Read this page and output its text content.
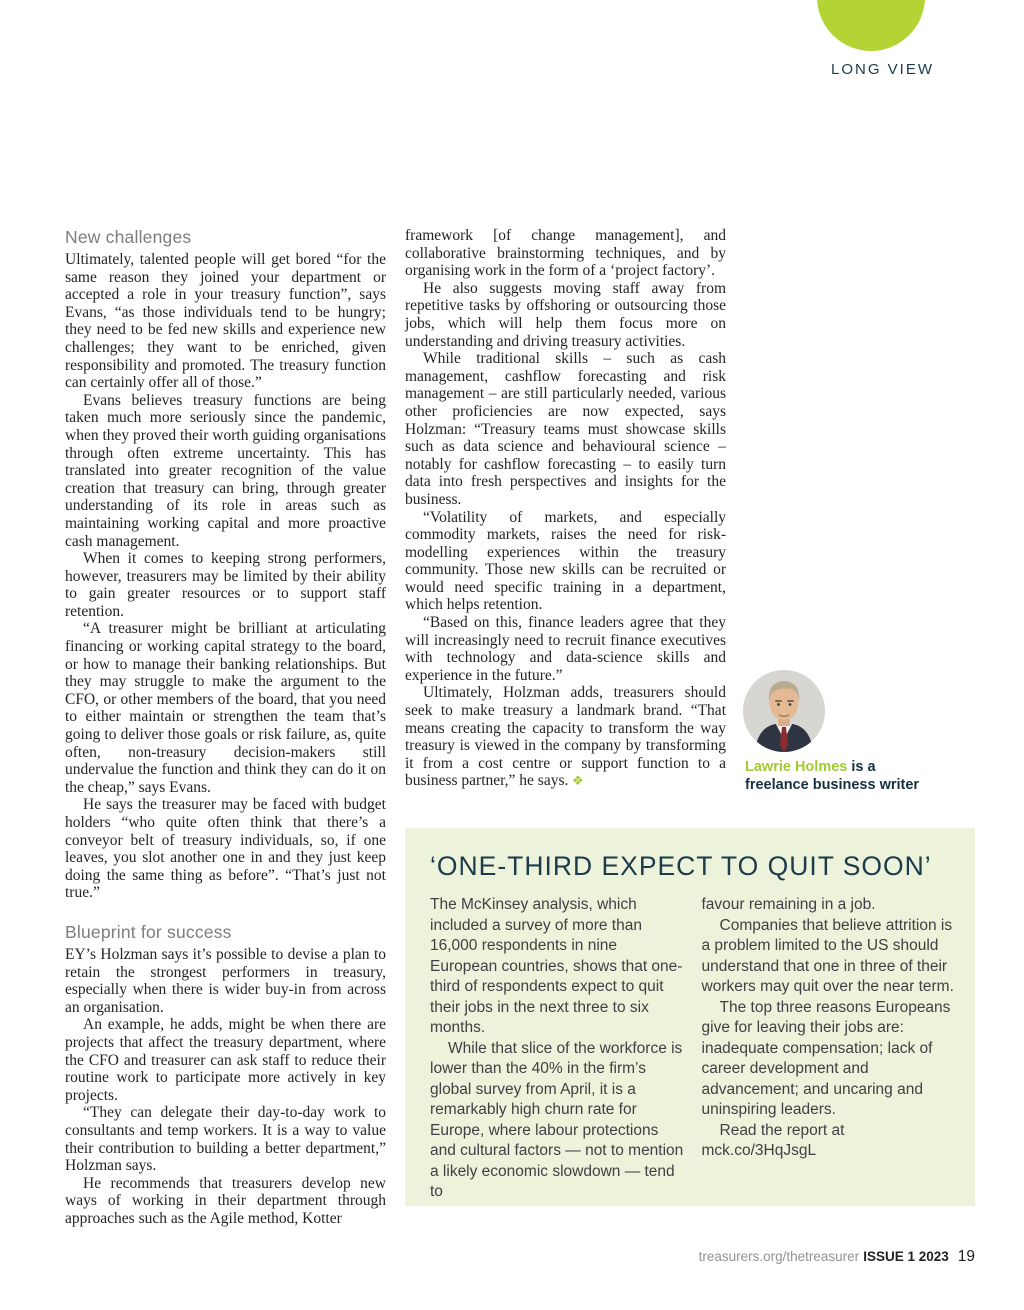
LONG VIEW
New challenges

Ultimately, talented people will get bored “for the same reason they joined your department or accepted a role in your treasury function”, says Evans, “as those individuals tend to be hungry; they need to be fed new skills and experience new challenges; they want to be enriched, given responsibility and promoted. The treasury function can certainly offer all of those.”

Evans believes treasury functions are being taken much more seriously since the pandemic, when they proved their worth guiding organisations through often extreme uncertainty. This has translated into greater recognition of the value creation that treasury can bring, through greater understanding of its role in areas such as maintaining working capital and more proactive cash management.

When it comes to keeping strong performers, however, treasurers may be limited by their ability to gain greater resources or to support staff retention.

“A treasurer might be brilliant at articulating financing or working capital strategy to the board, or how to manage their banking relationships. But they may struggle to make the argument to the CFO, or other members of the board, that you need to either maintain or strengthen the team that’s going to deliver those goals or risk failure, as, quite often, non-treasury decision-makers still undervalue the function and think they can do it on the cheap,” says Evans.

He says the treasurer may be faced with budget holders “who quite often think that there’s a conveyor belt of treasury individuals, so, if one leaves, you slot another one in and they just keep doing the same thing as before”. “That’s just not true.”

Blueprint for success

EY’s Holzman says it’s possible to devise a plan to retain the strongest performers in treasury, especially when there is wider buy-in from across an organisation.

An example, he adds, might be when there are projects that affect the treasury department, where the CFO and treasurer can ask staff to reduce their routine work to participate more actively in key projects.

“They can delegate their day-to-day work to consultants and temp workers. It is a way to value their contribution to building a better department,” Holzman says.

He recommends that treasurers develop new ways of working in their department through approaches such as the Agile method, Kotter

framework [of change management], and collaborative brainstorming techniques, and by organising work in the form of a ‘project factory’.

He also suggests moving staff away from repetitive tasks by offshoring or outsourcing those jobs, which will help them focus more on understanding and driving treasury activities.

While traditional skills – such as cash management, cashflow forecasting and risk management – are still particularly needed, various other proficiencies are now expected, says Holzman: “Treasury teams must showcase skills such as data science and behavioural science – notably for cashflow forecasting – to easily turn data into fresh perspectives and insights for the business.

“Volatility of markets, and especially commodity markets, raises the need for risk-modelling experiences within the treasury community. Those new skills can be recruited or would need specific training in a department, which helps retention.

“Based on this, finance leaders agree that they will increasingly need to recruit finance executives with technology and data-science skills and experience in the future.”

Ultimately, Holzman adds, treasurers should seek to make treasury a landmark brand. “That means creating the capacity to transform the way treasury is viewed in the company by transforming it from a cost centre or support function to a business partner,” he says. ❖

Lawrie Holmes is a freelance business writer
‘ONE-THIRD EXPECT TO QUIT SOON’

The McKinsey analysis, which included a survey of more than 16,000 respondents in nine European countries, shows that one-third of respondents expect to quit their jobs in the next three to six months.

While that slice of the workforce is lower than the 40% in the firm’s global survey from April, it is a remarkably high churn rate for Europe, where labour protections and cultural factors — not to mention a likely economic slowdown — tend to

favour remaining in a job.

Companies that believe attrition is a problem limited to the US should understand that one in three of their workers may quit over the near term.

The top three reasons Europeans give for leaving their jobs are: inadequate compensation; lack of career development and advancement; and uncaring and uninspiring leaders.

Read the report at mck.co/3HqJsgL

treasurers.org/thetreasurer ISSUE 1 2023 19
